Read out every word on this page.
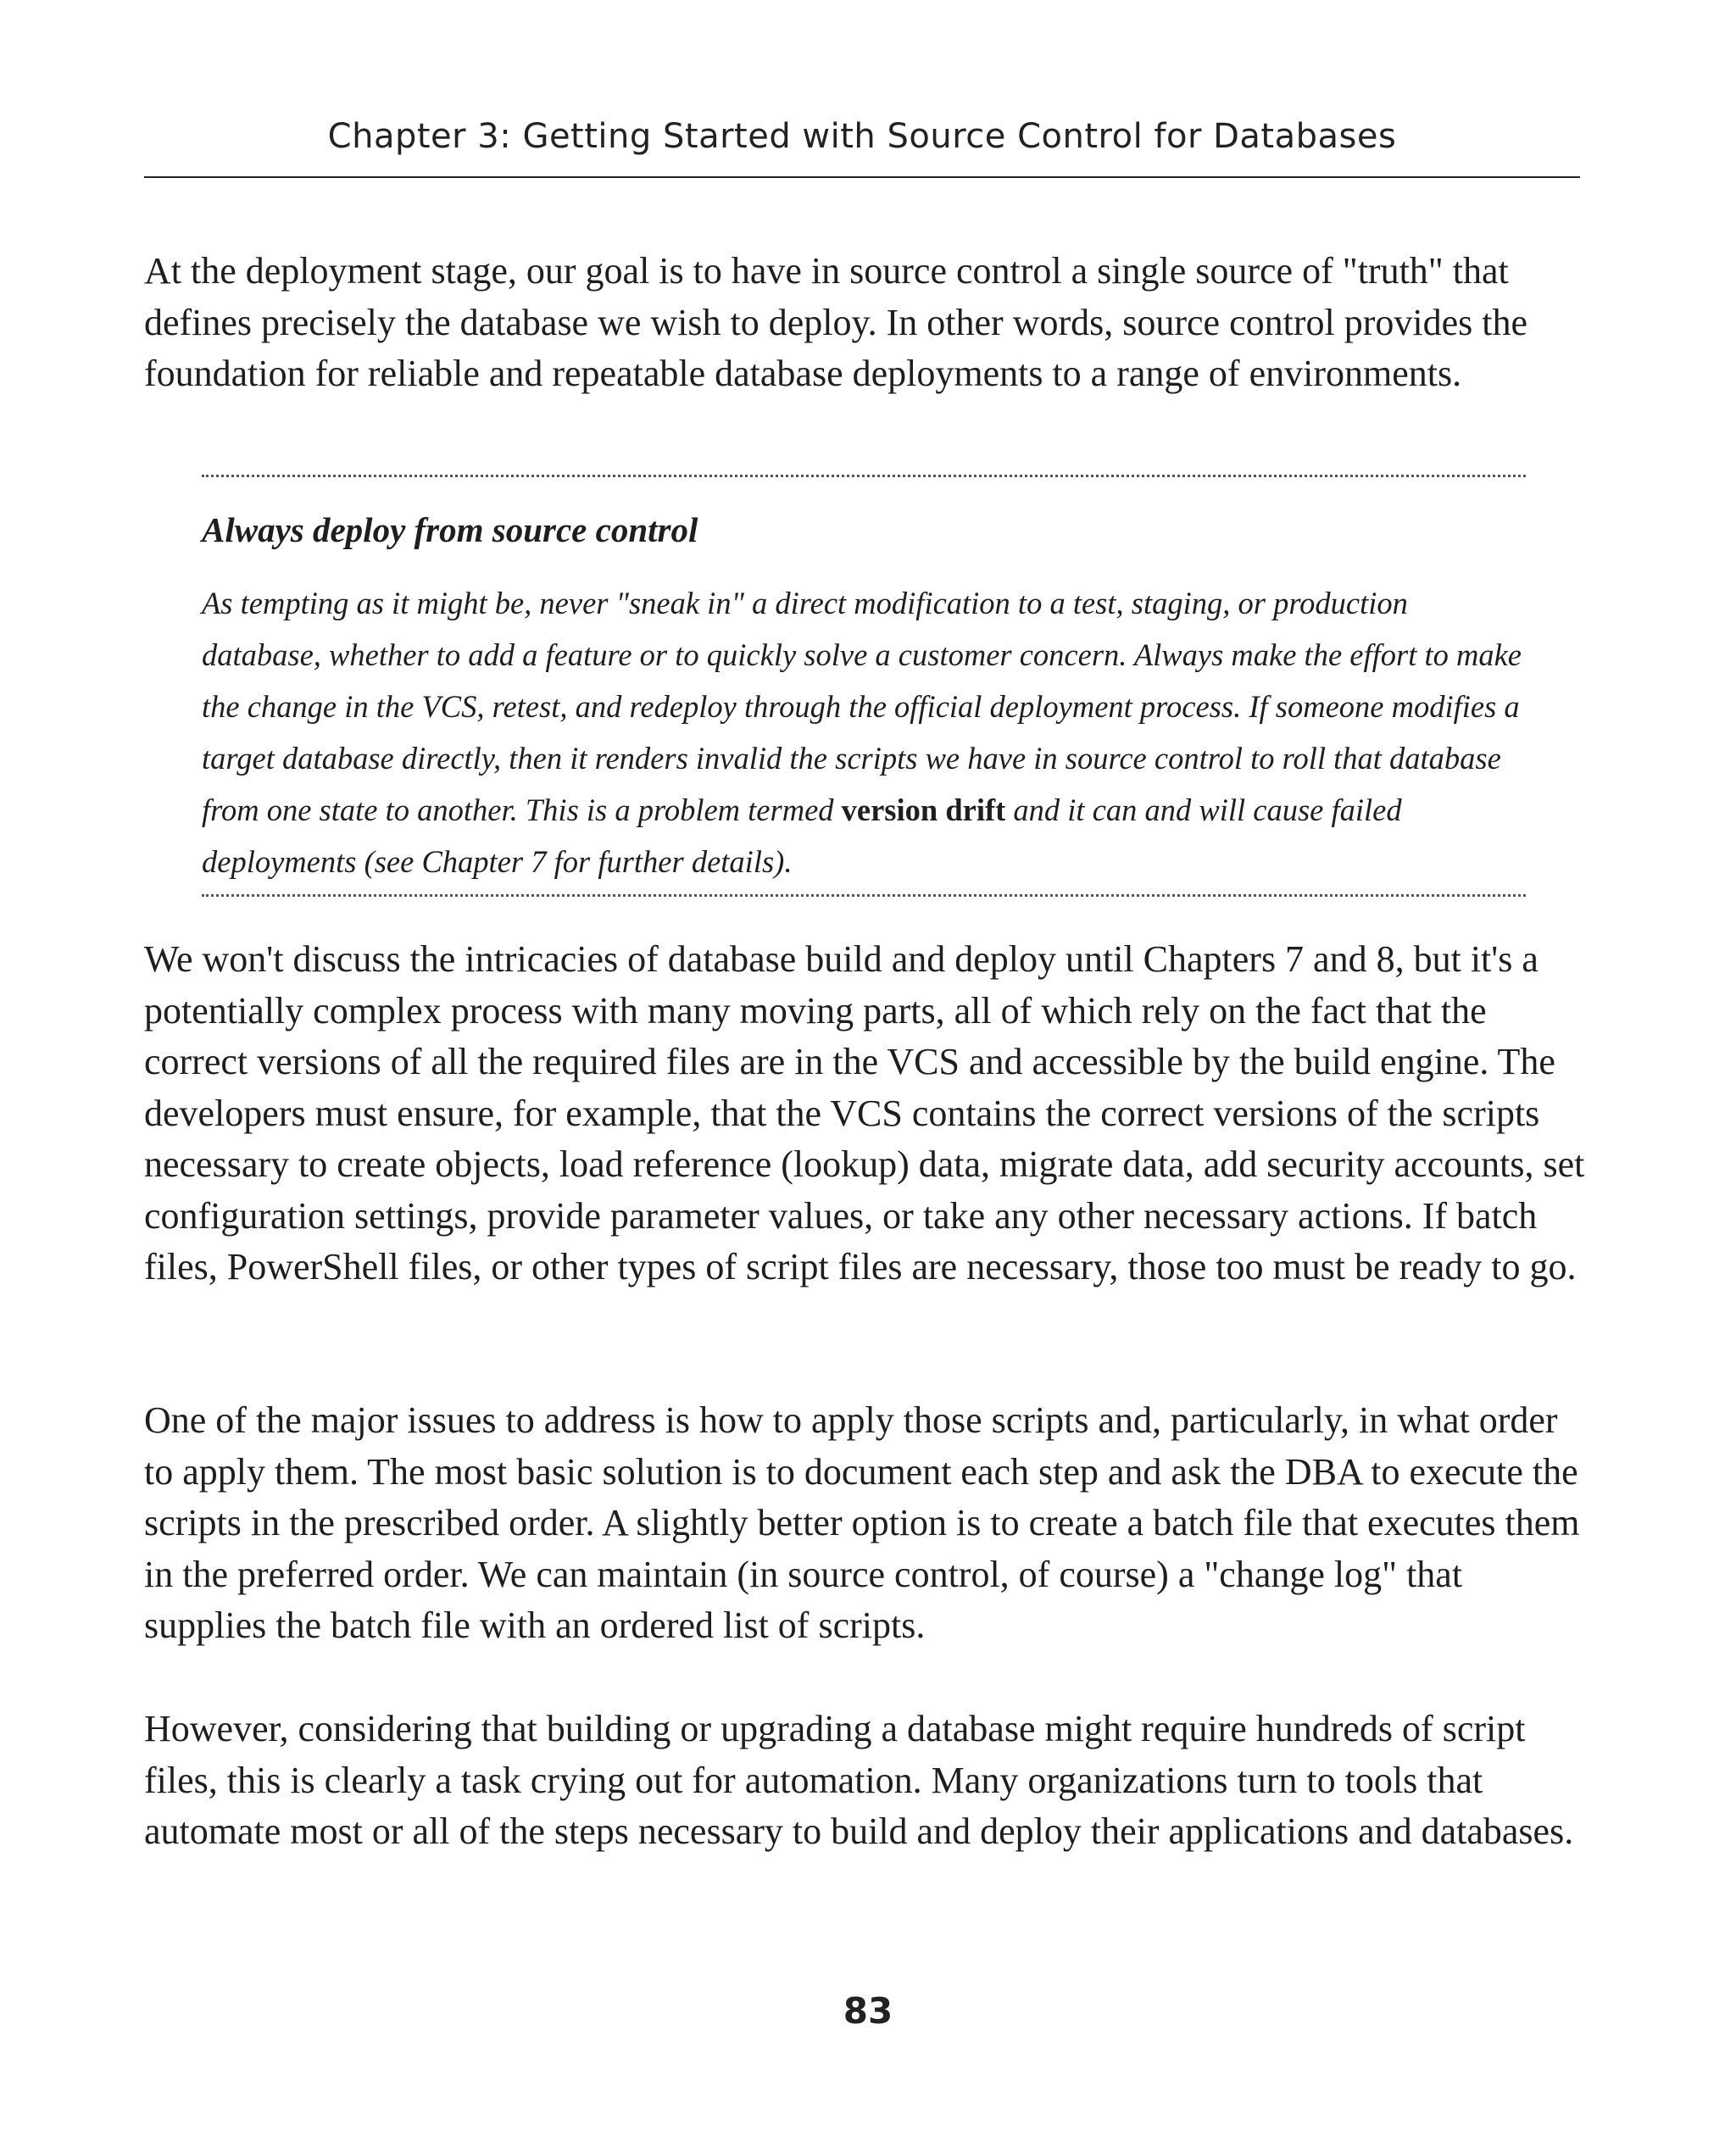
Chapter 3: Getting Started with Source Control for Databases

At the deployment stage, our goal is to have in source control a single source of "truth" that defines precisely the database we wish to deploy. In other words, source control provides the foundation for reliable and repeatable database deployments to a range of environments.

Always deploy from source control

As tempting as it might be, never "sneak in" a direct modification to a test, staging, or production database, whether to add a feature or to quickly solve a customer concern. Always make the effort to make the change in the VCS, retest, and redeploy through the official deployment process. If someone modifies a target database directly, then it renders invalid the scripts we have in source control to roll that database from one state to another. This is a problem termed version drift and it can and will cause failed deployments (see Chapter 7 for further details).

We won't discuss the intricacies of database build and deploy until Chapters 7 and 8, but it's a potentially complex process with many moving parts, all of which rely on the fact that the correct versions of all the required files are in the VCS and accessible by the build engine. The developers must ensure, for example, that the VCS contains the correct versions of the scripts necessary to create objects, load reference (lookup) data, migrate data, add security accounts, set configuration settings, provide parameter values, or take any other necessary actions. If batch files, PowerShell files, or other types of script files are necessary, those too must be ready to go.

One of the major issues to address is how to apply those scripts and, particularly, in what order to apply them. The most basic solution is to document each step and ask the DBA to execute the scripts in the prescribed order. A slightly better option is to create a batch file that executes them in the preferred order. We can maintain (in source control, of course) a "change log" that supplies the batch file with an ordered list of scripts.

However, considering that building or upgrading a database might require hundreds of script files, this is clearly a task crying out for automation. Many organizations turn to tools that automate most or all of the steps necessary to build and deploy their applications and databases.

83
